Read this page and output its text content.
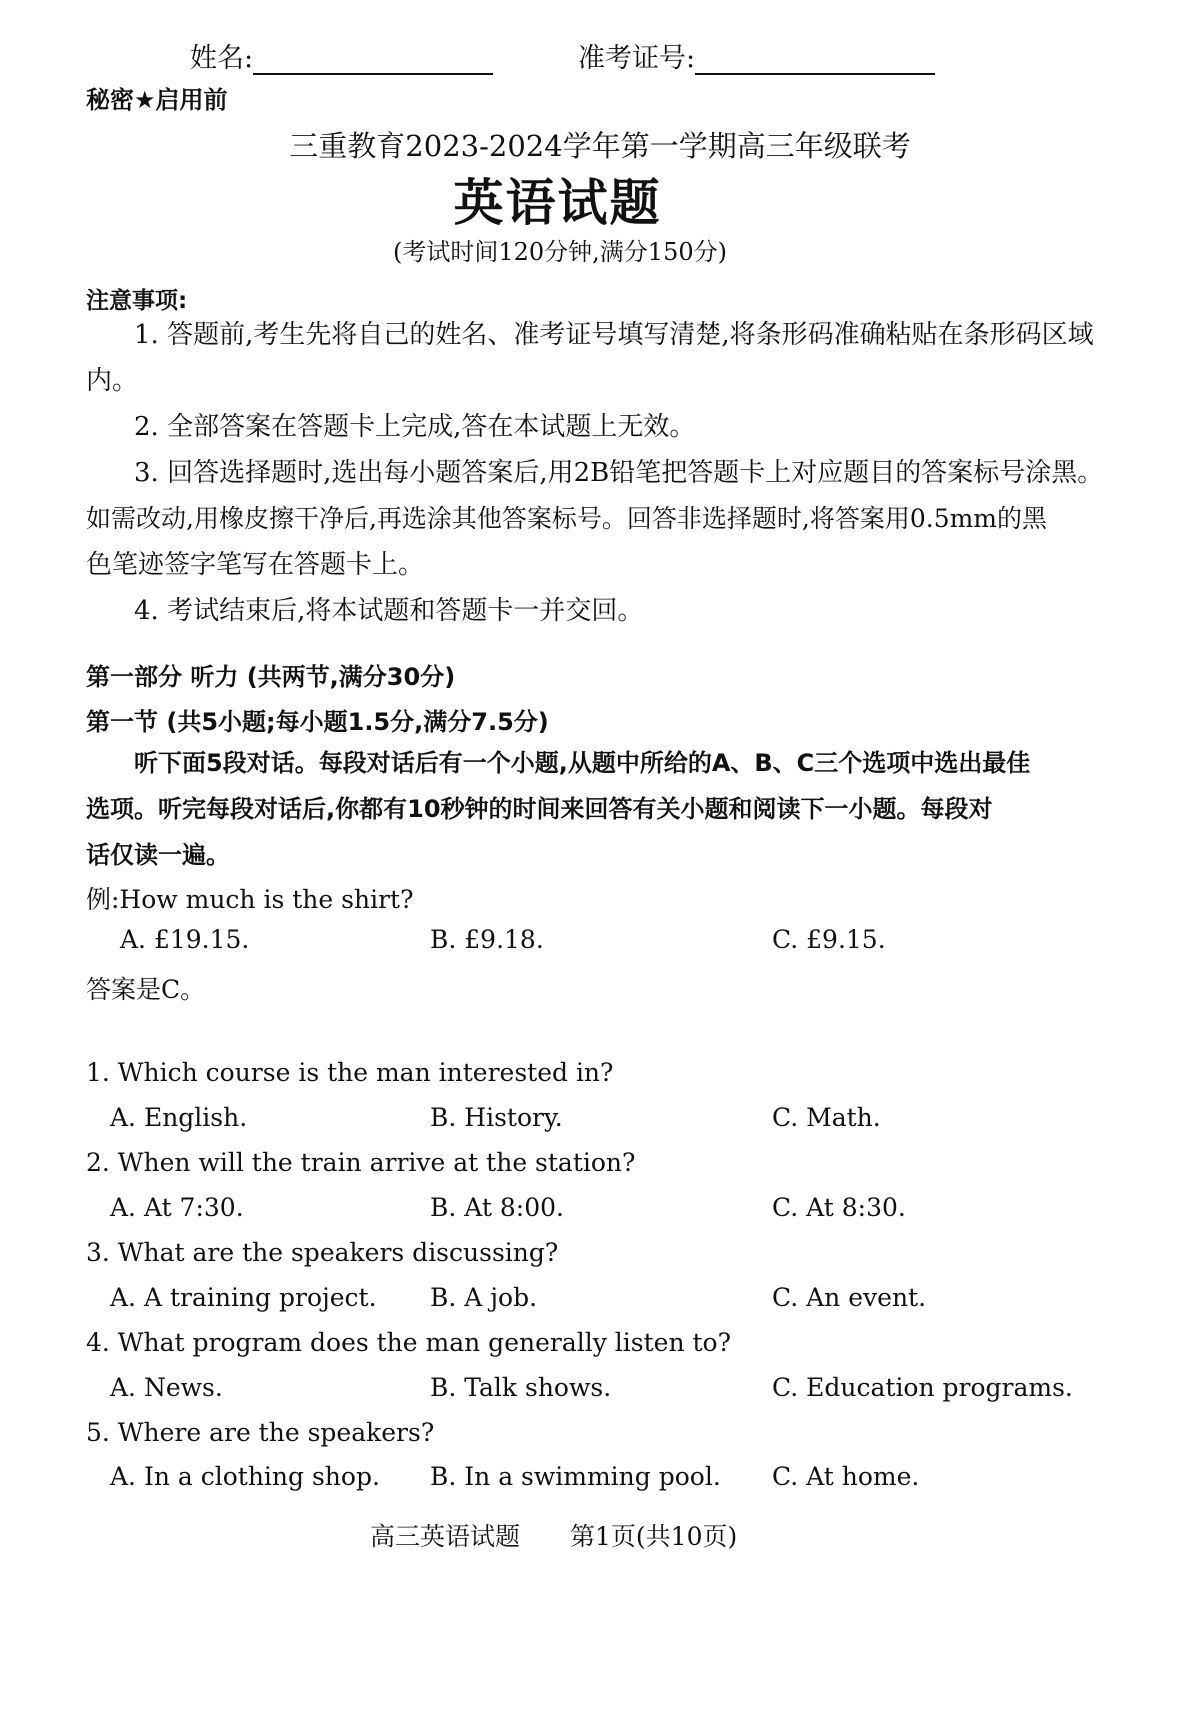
姓名:	准考证号:
秘密★启用前
三重教育2023-2024学年第一学期高三年级联考
英语试题
(考试时间120分钟,满分150分)
注意事项:
1. 答题前,考生先将自己的姓名、准考证号填写清楚,将条形码准确粘贴在条形码区域
内。
2. 全部答案在答题卡上完成,答在本试题上无效。
3. 回答选择题时,选出每小题答案后,用2B铅笔把答题卡上对应题目的答案标号涂黑。
如需改动,用橡皮擦干净后,再选涂其他答案标号。回答非选择题时,将答案用0.5mm的黑
色笔迹签字笔写在答题卡上。
4. 考试结束后,将本试题和答题卡一并交回。
第一部分 听力 (共两节,满分30分)
第一节 (共5小题;每小题1.5分,满分7.5分)
听下面5段对话。每段对话后有一个小题,从题中所给的A、B、C三个选项中选出最佳
选项。听完每段对话后,你都有10秒钟的时间来回答有关小题和阅读下一小题。每段对
话仅读一遍。
例:How much is the shirt?
A. £19.15.	B. £9.18.	C. £9.15.
答案是C。
1. Which course is the man interested in?
A. English.	B. History.	C. Math.
2. When will the train arrive at the station?
A. At 7:30.	B. At 8:00.	C. At 8:30.
3. What are the speakers discussing?
A. A training project. B. A job.	C. An event.
4. What program does the man generally listen to?
A. News.	B. Talk shows.	C. Education programs.
5. Where are the speakers?
A. In a clothing shop. B. In a swimming pool. C. At home.
高三英语试题 第1页(共10页)
